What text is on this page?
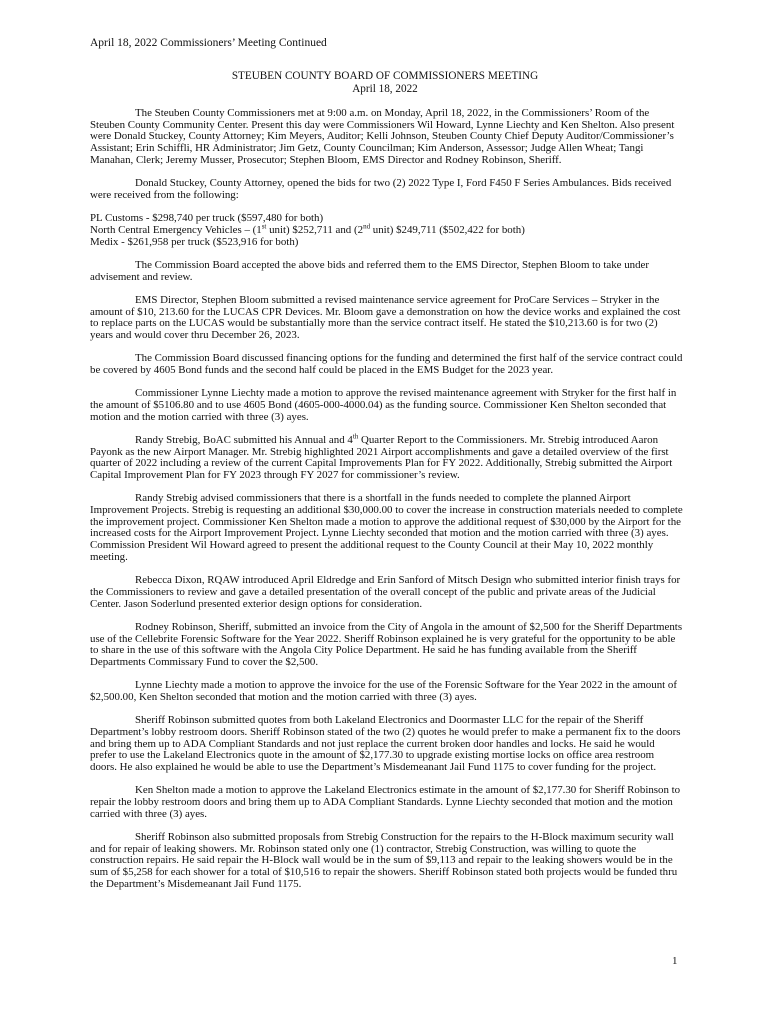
April 18, 2022 Commissioners’ Meeting Continued
STEUBEN COUNTY BOARD OF COMMISSIONERS MEETING
April 18, 2022

The Steuben County Commissioners met at 9:00 a.m. on Monday, April 18, 2022, in the Commissioners’ Room of the Steuben County Community Center. Present this day were Commissioners Wil Howard, Lynne Liechty and Ken Shelton. Also present were Donald Stuckey, County Attorney; Kim Meyers, Auditor; Kelli Johnson, Steuben County Chief Deputy Auditor/Commissioner’s Assistant; Erin Schiffli, HR Administrator; Jim Getz, County Councilman; Kim Anderson, Assessor; Judge Allen Wheat; Tangi Manahan, Clerk; Jeremy Musser, Prosecutor; Stephen Bloom, EMS Director and Rodney Robinson, Sheriff.

Donald Stuckey, County Attorney, opened the bids for two (2) 2022 Type I, Ford F450 F Series Ambulances. Bids received were received from the following:

PL Customs - $298,740 per truck ($597,480 for both)
North Central Emergency Vehicles – (1st unit) $252,711 and (2nd unit) $249,711 ($502,422 for both)
Medix - $261,958 per truck ($523,916 for both)

The Commission Board accepted the above bids and referred them to the EMS Director, Stephen Bloom to take under advisement and review.

EMS Director, Stephen Bloom submitted a revised maintenance service agreement for ProCare Services – Stryker in the amount of $10, 213.60 for the LUCAS CPR Devices. Mr. Bloom gave a demonstration on how the device works and explained the cost to replace parts on the LUCAS would be substantially more than the service contract itself. He stated the $10,213.60 is for two (2) years and would cover thru December 26, 2023.

The Commission Board discussed financing options for the funding and determined the first half of the service contract could be covered by 4605 Bond funds and the second half could be placed in the EMS Budget for the 2023 year.

Commissioner Lynne Liechty made a motion to approve the revised maintenance agreement with Stryker for the first half in the amount of $5106.80 and to use 4605 Bond (4605-000-4000.04) as the funding source. Commissioner Ken Shelton seconded that motion and the motion carried with three (3) ayes.

Randy Strebig, BoAC submitted his Annual and 4th Quarter Report to the Commissioners. Mr. Strebig introduced Aaron Payonk as the new Airport Manager. Mr. Strebig highlighted 2021 Airport accomplishments and gave a detailed overview of the first quarter of 2022 including a review of the current Capital Improvements Plan for FY 2022. Additionally, Strebig submitted the Airport Capital Improvement Plan for FY 2023 through FY 2027 for commissioner’s review.

Randy Strebig advised commissioners that there is a shortfall in the funds needed to complete the planned Airport Improvement Projects. Strebig is requesting an additional $30,000.00 to cover the increase in construction materials needed to complete the improvement project. Commissioner Ken Shelton made a motion to approve the additional request of $30,000 by the Airport for the increased costs for the Airport Improvement Project. Lynne Liechty seconded that motion and the motion carried with three (3) ayes. Commission President Wil Howard agreed to present the additional request to the County Council at their May 10, 2022 monthly meeting.

Rebecca Dixon, RQAW introduced April Eldredge and Erin Sanford of Mitsch Design who submitted interior finish trays for the Commissioners to review and gave a detailed presentation of the overall concept of the public and private areas of the Judicial Center. Jason Soderlund presented exterior design options for consideration.

Rodney Robinson, Sheriff, submitted an invoice from the City of Angola in the amount of $2,500 for the Sheriff Departments use of the Cellebrite Forensic Software for the Year 2022. Sheriff Robinson explained he is very grateful for the opportunity to be able to share in the use of this software with the Angola City Police Department. He said he has funding available from the Sheriff Departments Commissary Fund to cover the $2,500.

Lynne Liechty made a motion to approve the invoice for the use of the Forensic Software for the Year 2022 in the amount of $2,500.00, Ken Shelton seconded that motion and the motion carried with three (3) ayes.

Sheriff Robinson submitted quotes from both Lakeland Electronics and Doormaster LLC for the repair of the Sheriff Department’s lobby restroom doors. Sheriff Robinson stated of the two (2) quotes he would prefer to make a permanent fix to the doors and bring them up to ADA Compliant Standards and not just replace the current broken door handles and locks. He said he would prefer to use the Lakeland Electronics quote in the amount of $2,177.30 to upgrade existing mortise locks on office area restroom doors. He also explained he would be able to use the Department’s Misdemeanant Jail Fund 1175 to cover funding for the project.

Ken Shelton made a motion to approve the Lakeland Electronics estimate in the amount of $2,177.30 for Sheriff Robinson to repair the lobby restroom doors and bring them up to ADA Compliant Standards. Lynne Liechty seconded that motion and the motion carried with three (3) ayes.

Sheriff Robinson also submitted proposals from Strebig Construction for the repairs to the H-Block maximum security wall and for repair of leaking showers. Mr. Robinson stated only one (1) contractor, Strebig Construction, was willing to quote the construction repairs. He said repair the H-Block wall would be in the sum of $9,113 and repair to the leaking showers would be in the sum of $5,258 for each shower for a total of $10,516 to repair the showers. Sheriff Robinson stated both projects would be funded thru the Department’s Misdemeanant Jail Fund 1175.

1
